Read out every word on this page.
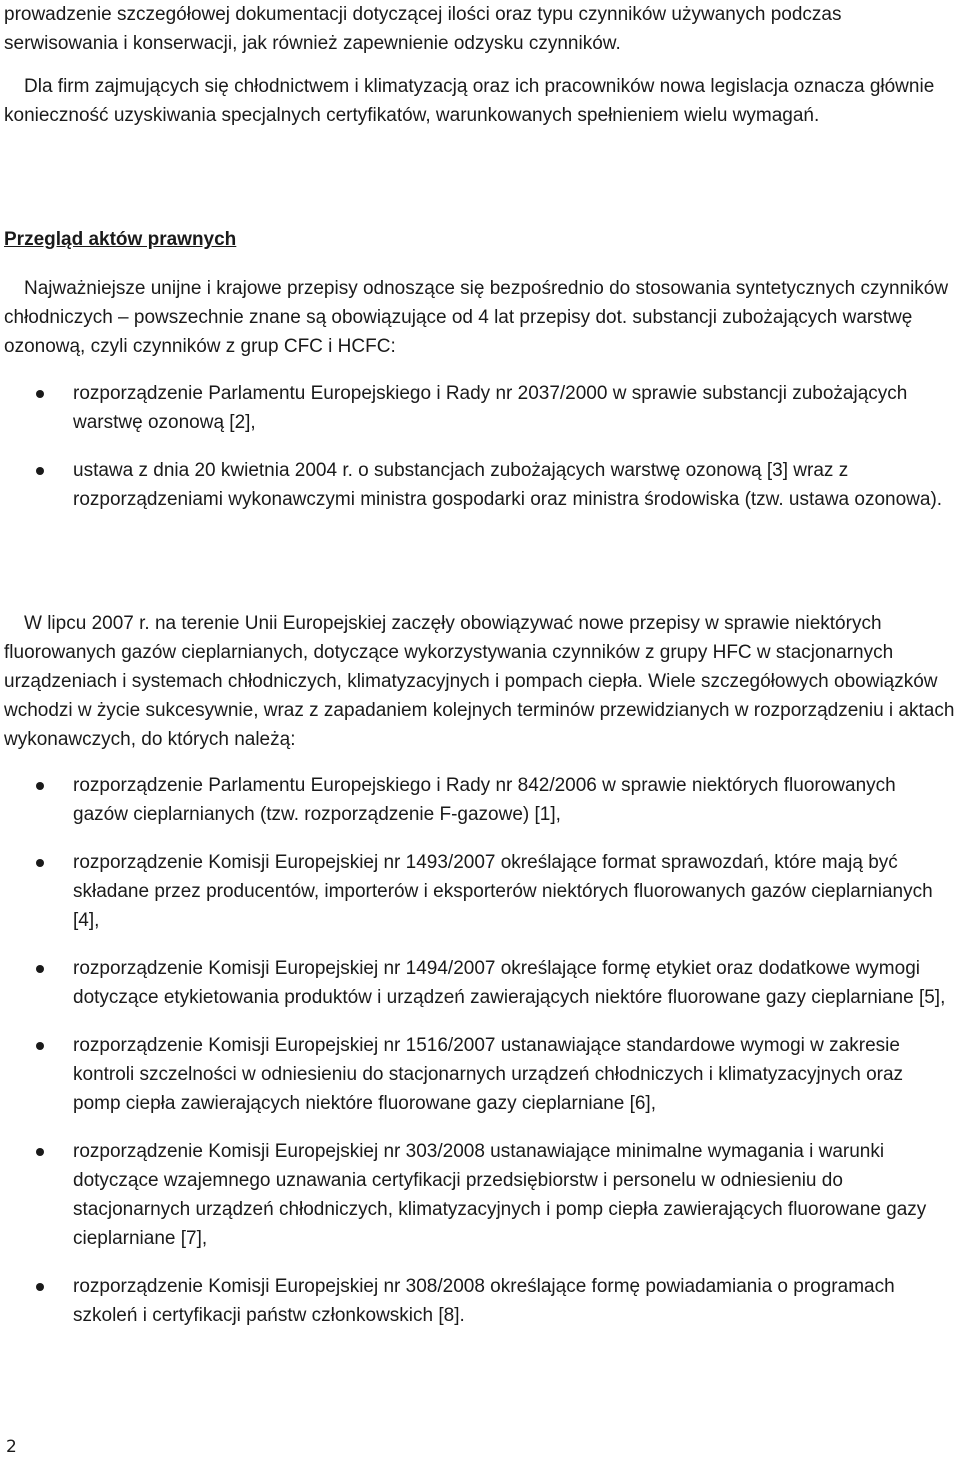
prowadzenie szczegółowej dokumentacji dotyczącej ilości oraz typu czynników używanych podczas serwisowania i konserwacji, jak również zapewnienie odzysku czynników.

Dla firm zajmujących się chłodnictwem i klimatyzacją oraz ich pracowników nowa legislacja oznacza głównie konieczność uzyskiwania specjalnych certyfikatów, warunkowanych spełnieniem wielu wymagań.

Przegląd aktów prawnych

Najważniejsze unijne i krajowe przepisy odnoszące się bezpośrednio do stosowania syntetycznych czynników chłodniczych – powszechnie znane są obowiązujące od 4 lat przepisy dot. substancji zubożających warstwę ozonową, czyli czynników z grup CFC i HCFC:

rozporządzenie Parlamentu Europejskiego i Rady nr 2037/2000 w sprawie substancji zubożających warstwę ozonową [2],
ustawa z dnia 20 kwietnia 2004 r. o substancjach zubożających warstwę ozonową [3] wraz z rozporządzeniami wykonawczymi ministra gospodarki oraz ministra środowiska (tzw. ustawa ozonowa).

W lipcu 2007 r. na terenie Unii Europejskiej zaczęły obowiązywać nowe przepisy w sprawie niektórych fluorowanych gazów cieplarnianych, dotyczące wykorzystywania czynników z grupy HFC w stacjonarnych urządzeniach i systemach chłodniczych, klimatyzacyjnych i pompach ciepła. Wiele szczegółowych obowiązków wchodzi w życie sukcesywnie, wraz z zapadaniem kolejnych terminów przewidzianych w rozporządzeniu i aktach wykonawczych, do których należą:

rozporządzenie Parlamentu Europejskiego i Rady nr 842/2006 w sprawie niektórych fluorowanych gazów cieplarnianych (tzw. rozporządzenie F-gazowe) [1],
rozporządzenie Komisji Europejskiej nr 1493/2007 określające format sprawozdań, które mają być składane przez producentów, importerów i eksporterów niektórych fluorowanych gazów cieplarnianych [4],
rozporządzenie Komisji Europejskiej nr 1494/2007 określające formę etykiet oraz dodatkowe wymogi dotyczące etykietowania produktów i urządzeń zawierających niektóre fluorowane gazy cieplarniane [5],
rozporządzenie Komisji Europejskiej nr 1516/2007 ustanawiające standardowe wymogi w zakresie kontroli szczelności w odniesieniu do stacjonarnych urządzeń chłodniczych i klimatyzacyjnych oraz pomp ciepła zawierających niektóre fluorowane gazy cieplarniane [6],
rozporządzenie Komisji Europejskiej nr 303/2008 ustanawiające minimalne wymagania i warunki dotyczące wzajemnego uznawania certyfikacji przedsiębiorstw i personelu w odniesieniu do stacjonarnych urządzeń chłodniczych, klimatyzacyjnych i pomp ciepła zawierających fluorowane gazy cieplarniane [7],
rozporządzenie Komisji Europejskiej nr 308/2008 określające formę powiadamiania o programach szkoleń i certyfikacji państw członkowskich [8].
2
